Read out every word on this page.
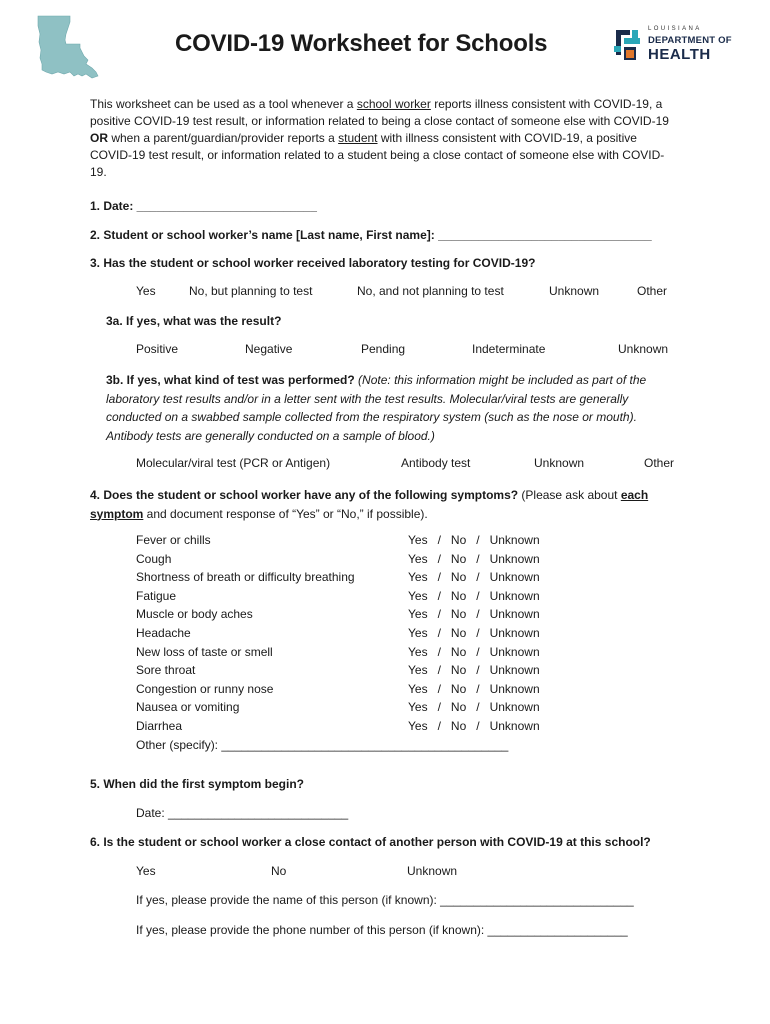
COVID-19 Worksheet for Schools
LOUISIANA
DEPARTMENT OF
HEALTH
This worksheet can be used as a tool whenever a school worker reports illness consistent with COVID-19, a positive COVID-19 test result, or information related to being a close contact of someone else with COVID-19 OR when a parent/guardian/provider reports a student with illness consistent with COVID-19, a positive COVID-19 test result, or information related to a student being a close contact of someone else with COVID-19.
1. Date: ___________________________
2. Student or school worker’s name [Last name, First name]: ________________________________
3. Has the student or school worker received laboratory testing for COVID-19?
Yes	No, but planning to test	No, and not planning to test	Unknown	Other
3a. If yes, what was the result?
Positive	Negative	Pending	Indeterminate	Unknown
3b. If yes, what kind of test was performed? (Note: this information might be included as part of the laboratory test results and/or in a letter sent with the test results. Molecular/viral tests are generally conducted on a swabbed sample collected from the respiratory system (such as the nose or mouth). Antibody tests are generally conducted on a sample of blood.)
Molecular/viral test (PCR or Antigen)	Antibody test	Unknown	Other
4. Does the student or school worker have any of the following symptoms? (Please ask about each symptom and document response of “Yes” or “No,” if possible).
Fever or chills	Yes   /   No   /   Unknown
Cough	Yes   /   No   /   Unknown
Shortness of breath or difficulty breathing	Yes   /   No   /   Unknown
Fatigue	Yes   /   No   /   Unknown
Muscle or body aches	Yes   /   No   /   Unknown
Headache	Yes   /   No   /   Unknown
New loss of taste or smell	Yes   /   No   /   Unknown
Sore throat	Yes   /   No   /   Unknown
Congestion or runny nose	Yes   /   No   /   Unknown
Nausea or vomiting	Yes   /   No   /   Unknown
Diarrhea	Yes   /   No   /   Unknown
Other (specify): ___________________________________________
5. When did the first symptom begin?
Date: ___________________________
6. Is the student or school worker a close contact of another person with COVID-19 at this school?
Yes	No	Unknown
If yes, please provide the name of this person (if known): _____________________________
If yes, please provide the phone number of this person (if known): _____________________
